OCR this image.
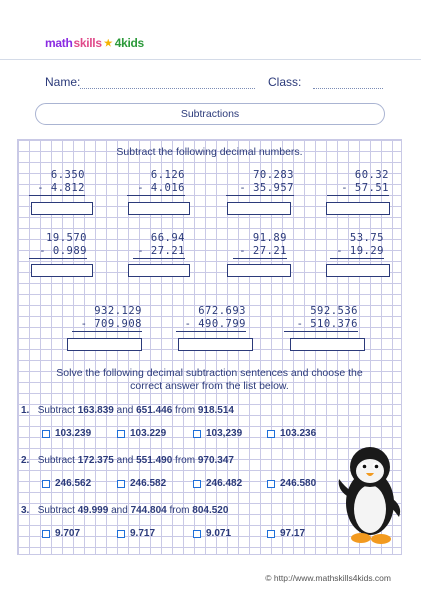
math skills 4kids
Name:	Class:
Subtractions
Subtract the following decimal numbers.
6.350
- 4.812
6.126
- 4.016
70.283
- 35.957
60.32
- 57.51
19.570
- 0.989
66.94
- 27.21
91.89
- 27.21
53.75
- 19.29
932.129
- 709.908
672.693
- 490.799
592.536
- 510.376
Solve the following decimal subtraction sentences and choose the
correct answer from the list below.
1. Subtract 163.839 and 651.446 from 918.514
103.239	103.229	103,239	103.236
2. Subtract 172.375 and 551.490 from 970.347
246.562	246.582	246.482	246.580
3. Subtract 49.999 and 744.804 from 804.520
9.707	9.717	9.071	97.17
© http://www.mathskills4kids.com
